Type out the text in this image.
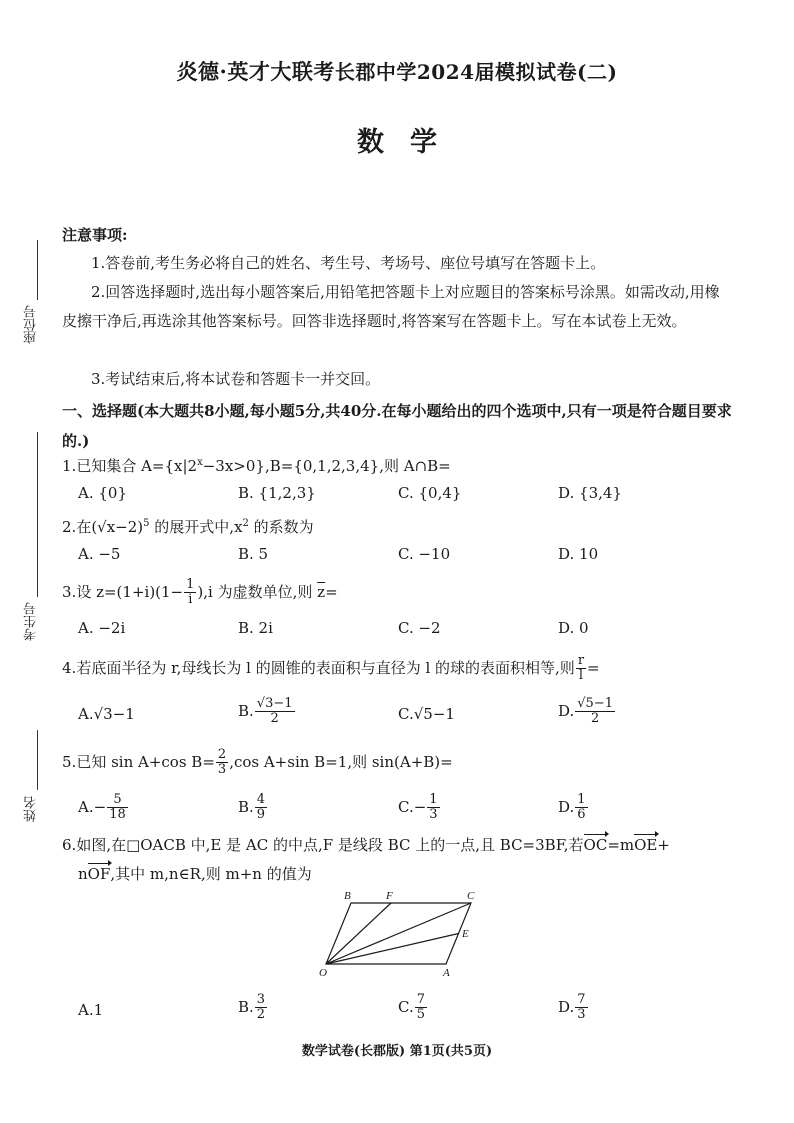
炎德·英才大联考长郡中学2024届模拟试卷(二)
数学
座位号
考生号
姓名
注意事项:
1.答卷前,考生务必将自己的姓名、考生号、考场号、座位号填写在答题卡上。
2.回答选择题时,选出每小题答案后,用铅笔把答题卡上对应题目的答案标号涂黑。如需改动,用橡皮擦干净后,再选涂其他答案标号。回答非选择题时,将答案写在答题卡上。写在本试卷上无效。
3.考试结束后,将本试卷和答题卡一并交回。
一、选择题(本大题共8小题,每小题5分,共40分.在每小题给出的四个选项中,只有一项是符合题目要求的.)
1.已知集合 $A=\{x|2^x-3x>0\},B=\{0,1,2,3,4\}$,则 A∩B=
A. {0}	B. {1,2,3}	C. {0,4}	D. {3,4}
2.在$(√x-2)^5$ 的展开式中$,x^2$ 的系数为
A. −5	B. 5	C. −10	D. 10
3.设 $z=(1+i)(1- \frac{1}{i} ),i$ 为虚数单位,则 $\overline{z}=$
A. −2i	B. 2i	C. −2	D. 0
4.若底面半径为 r,母线长为 l 的圆锥的表面积与直径为 l 的球的表面积相等,则 $\frac{r}{l}$ =
A.√3−1	B. $\frac{√3-1}{2}$	C.√5−1	D. $\frac{√5-1}{2}$
5.已知 sin A+cos $B= \frac{2}{3} ,\cos$ A+sin B=1,则 sin(A+B)=
$A.- \frac{5}{18}$	B. $\frac{4}{9}$	$C.- \frac{1}{3}$	D. $\frac{1}{6}$
6.如图,在□OACB 中,E 是 AC 的中点,F 是线段 BC 上的一点,且 BC=3BF,若OC=mOE+
nOF,其中 m,n∈R,则 m+n 的值为
B	F	C
E
O	A
A.1	B. $\frac{3}{2}$	C. $\frac{7}{5}$	D. $\frac{7}{3}$
数学试卷(长郡版) 第1页(共5页)
